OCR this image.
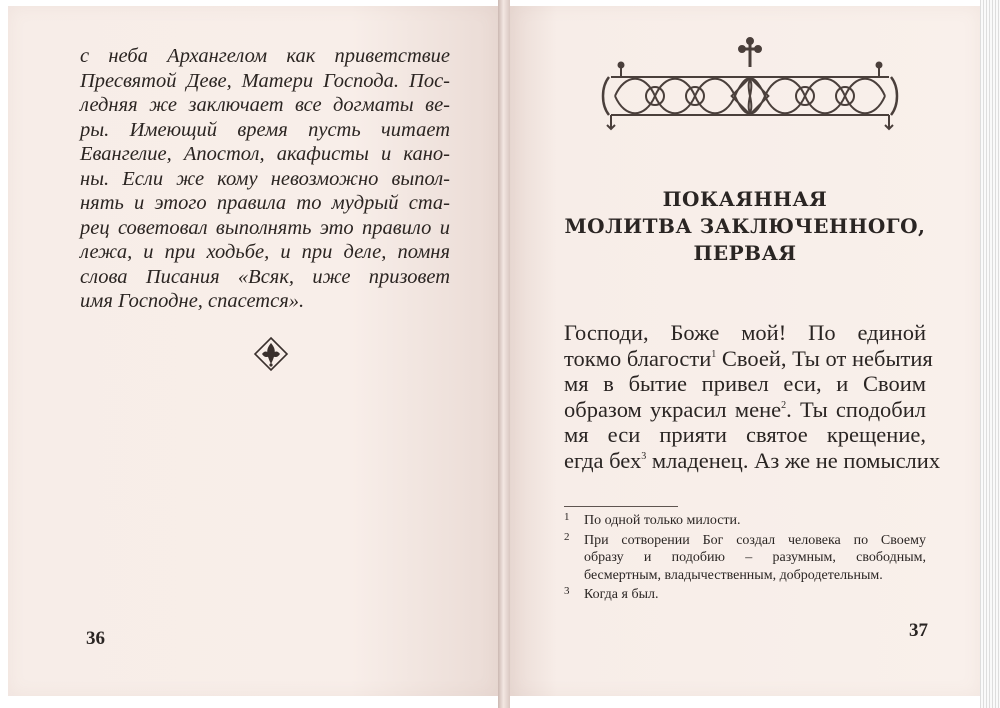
с неба Архангелом как приветствие
Пресвятой Деве, Матери Господа. Пос-
ледняя же заключает все догматы ве-
ры. Имеющий время пусть читает
Евангелие, Апостол, акафисты и кано-
ны. Если же кому невозможно выпол-
нять и этого правила то мудрый ста-
рец советовал выполнять это правило и
лежа, и при ходьбе, и при деле, помня
слова Писания «Всяк, иже призовет
имя Господне, спасется».

36
ПОКАЯННАЯ
МОЛИТВА ЗАКЛЮЧЕННОГО,
ПЕРВАЯ

Господи, Боже мой! По единой
токмо благости$^1$ Своей, Ты от небытия
мя в бытие привел еси, и Своим
образом украсил мене$^2$. Ты сподобил
мя еси прияти святое крещение,
егда бех$^3$ младенец. Аз же не помыслих

1 По одной только милости.
2 При сотворении Бог создал человека по Своему
образу и подобию – разумным, свободным,
бесмертным, владычественным, добродетельным.
3 Когда я был.
37
